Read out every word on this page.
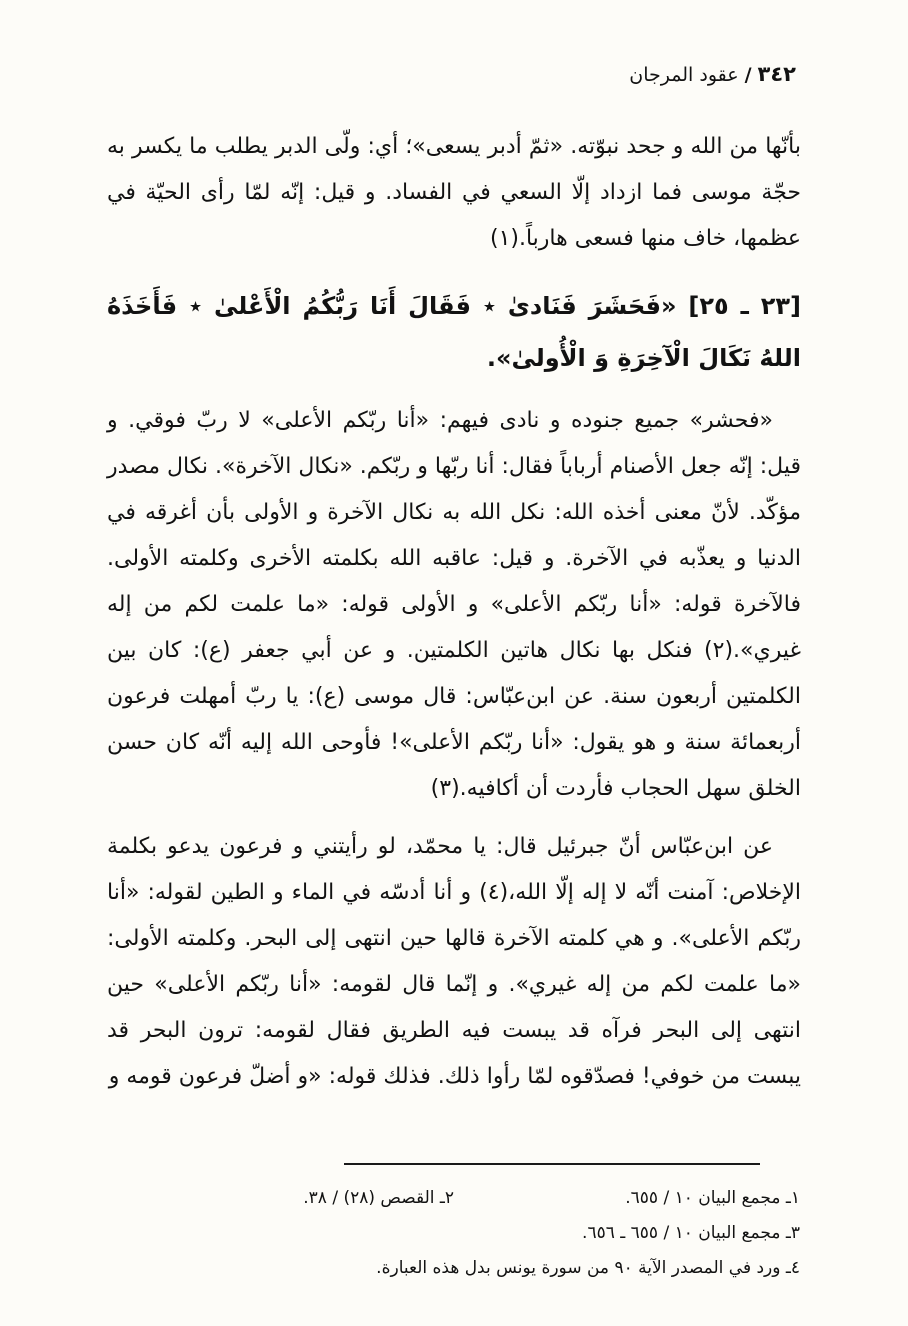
٣٤٢/عقود المرجان

بأنّها من الله و جحد نبوّته. «ثمّ أدبر يسعى»؛ أي: ولّى الدبر يطلب ما يكسر به حجّة موسى فما ازداد إلّا السعي في الفساد. و قيل: إنّه لمّا رأى الحيّة في عظمها، خاف منها فسعى هارباً.(١)

[٢٣ ـ ٢٥] «فَحَشَرَ فَنَادىٰ ٭ فَقَالَ أَنَا رَبُّكُمُ الْأَعْلىٰ ٭ فَأَخَذَهُ اللهُ نَكَالَ الْآخِرَةِ وَ الْأُولىٰ».

«فحشر» جميع جنوده و نادى فيهم: «أنا ربّكم الأعلى» لا ربّ فوقي. و قيل: إنّه جعل الأصنام أرباباً فقال: أنا ربّها و ربّكم. «نكال الآخرة». نكال مصدر مؤكّد. لأنّ معنى أخذه الله: نكل الله به نكال الآخرة و الأولى بأن أغرقه في الدنيا و يعذّبه في الآخرة. و قيل: عاقبه الله بكلمته الأخرى وكلمته الأولى. فالآخرة قوله: «أنا ربّكم الأعلى» و الأولى قوله: «ما علمت لكم من إله غيري».(٢) فنكل بها نكال هاتين الكلمتين. و عن أبي جعفر (ع): كان بين الكلمتين أربعون سنة. عن ابن‌عبّاس: قال موسى (ع): يا ربّ أمهلت فرعون أربعمائة سنة و هو يقول: «أنا ربّكم الأعلى»! فأوحى الله إليه أنّه كان حسن الخلق سهل الحجاب فأردت أن أكافيه.(٣)

عن ابن‌عبّاس أنّ جبرئيل قال: يا محمّد، لو رأيتني و فرعون يدعو بكلمة الإخلاص: آمنت أنّه لا إله إلّا الله،(٤) و أنا أدسّه في الماء و الطين لقوله: «أنا ربّكم الأعلى». و هي كلمته الآخرة قالها حين انتهى إلى البحر. وكلمته الأولى: «ما علمت لكم من إله غيري». و إنّما قال لقومه: «أنا ربّكم الأعلى» حين انتهى إلى البحر فرآه قد يبست فيه الطريق فقال لقومه: ترون البحر قد يبست من خوفي! فصدّقوه لمّا رأوا ذلك. فذلك قوله: «و أضلّ فرعون قومه و

١ـ مجمع البيان ١٠ / ٦٥٥.
٢ـ القصص (٢٨) / ٣٨.
٣ـ مجمع البيان ١٠ / ٦٥٥ ـ ٦٥٦.
٤ـ ورد في المصدر الآية ٩٠ من سورة يونس بدل هذه العبارة.
